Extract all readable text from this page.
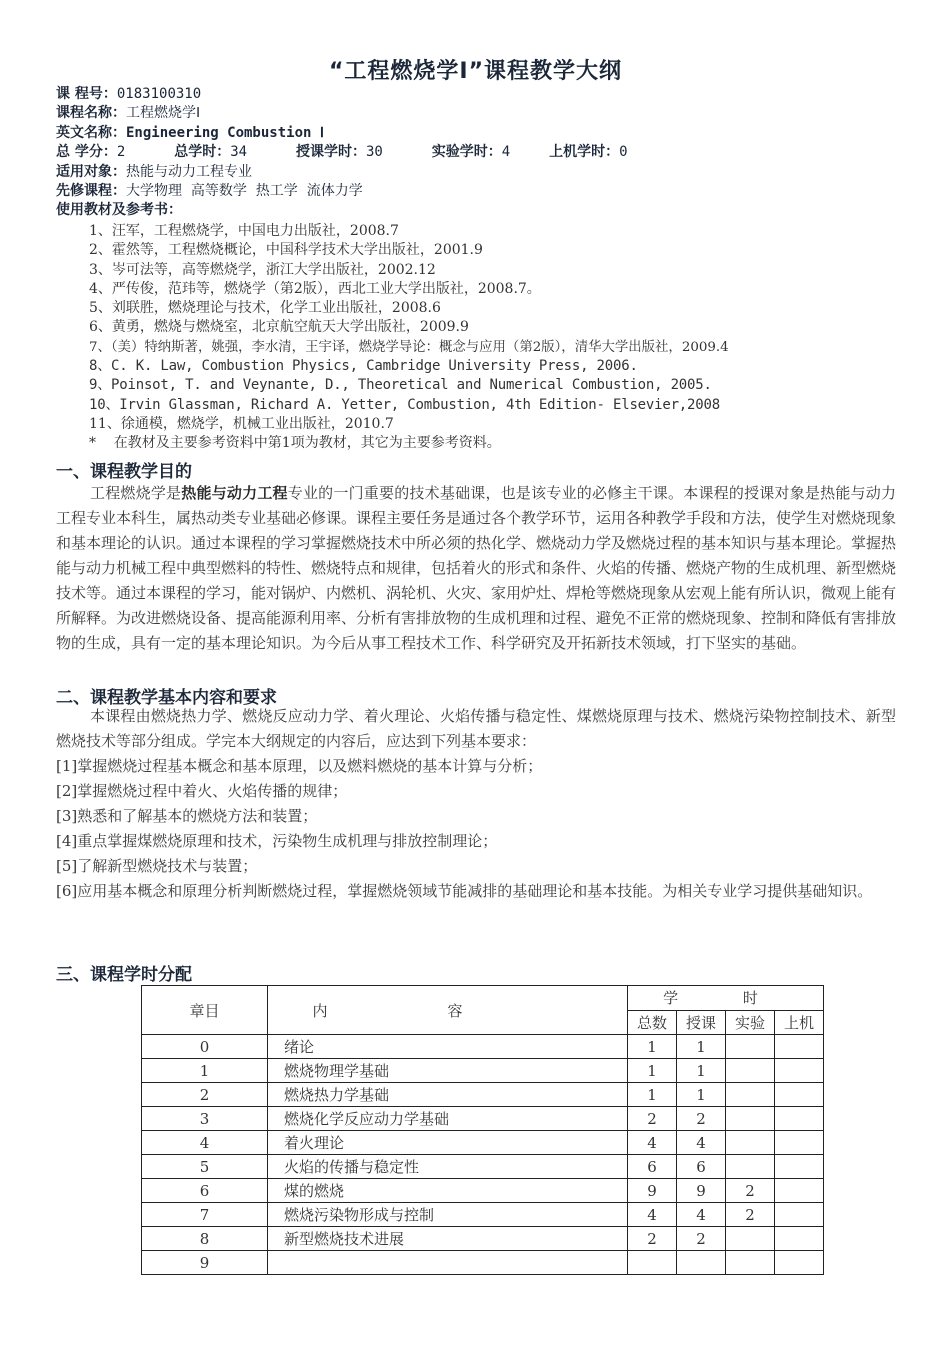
“工程燃烧学Ⅰ”课程教学大纲
课 程号：0183100310
课程名称：工程燃烧学Ⅰ
英文名称：Engineering Combustion Ⅰ
总 学分：2	总学时：34	授课学时：30	实验学时：4	上机学时：0
适用对象：热能与动力工程专业
先修课程：大学物理  高等数学  热工学  流体力学
使用教材及参考书：
1、汪军，工程燃烧学，中国电力出版社，2008.7
2、霍然等，工程燃烧概论，中国科学技术大学出版社，2001.9
3、岑可法等，高等燃烧学，浙江大学出版社，2002.12
4、严传俊，范玮等，燃烧学（第2版），西北工业大学出版社，2008.7。
5、刘联胜，燃烧理论与技术，化学工业出版社，2008.6
6、黄勇，燃烧与燃烧室，北京航空航天大学出版社，2009.9
7、（美）特纳斯著，姚强，李水清，王宇译，燃烧学导论：概念与应用（第2版），清华大学出版社，2009.4
8、C. K. Law, Combustion Physics, Cambridge University Press, 2006.
9、Poinsot, T. and Veynante, D., Theoretical and Numerical Combustion, 2005.
10、Irvin Glassman, Richard A. Yetter, Combustion, 4th Edition- Elsevier,2008
11、徐通模，燃烧学，机械工业出版社，2010.7
*    在教材及主要参考资料中第1项为教材，其它为主要参考资料。
一、课程教学目的
工程燃烧学是热能与动力工程专业的一门重要的技术基础课，也是该专业的必修主干课。本课程的授课对象是热能与动力工程专业本科生，属热动类专业基础必修课。课程主要任务是通过各个教学环节，运用各种教学手段和方法，使学生对燃烧现象和基本理论的认识。通过本课程的学习掌握燃烧技术中所必须的热化学、燃烧动力学及燃烧过程的基本知识与基本理论。掌握热能与动力机械工程中典型燃料的特性、燃烧特点和规律，包括着火的形式和条件、火焰的传播、燃烧产物的生成机理、新型燃烧技术等。通过本课程的学习，能对锅炉、内燃机、涡轮机、火灾、家用炉灶、焊枪等燃烧现象从宏观上能有所认识，微观上能有所解释。为改进燃烧设备、提高能源利用率、分析有害排放物的生成机理和过程、避免不正常的燃烧现象、控制和降低有害排放物的生成，具有一定的基本理论知识。为今后从事工程技术工作、科学研究及开拓新技术领域，打下坚实的基础。
二、课程教学基本内容和要求
本课程由燃烧热力学、燃烧反应动力学、着火理论、火焰传播与稳定性、煤燃烧原理与技术、燃烧污染物控制技术、新型燃烧技术等部分组成。学完本大纲规定的内容后，应达到下列基本要求：

[1]掌握燃烧过程基本概念和基本原理，以及燃料燃烧的基本计算与分析；

[2]掌握燃烧过程中着火、火焰传播的规律；

[3]熟悉和了解基本的燃烧方法和装置；

[4]重点掌握煤燃烧原理和技术，污染物生成机理与排放控制理论；

[5]了解新型燃烧技术与装置；

[6]应用基本概念和原理分析判断燃烧过程，掌握燃烧领域节能减排的基础理论和基本技能。为相关专业学习提供基础知识。

三、课程学时分配
章目	内容	学 时			
		总数	授课	实验	上机
0	绪论	1	1		
1	燃烧物理学基础	1	1		
2	燃烧热力学基础	1	1		
3	燃烧化学反应动力学基础	2	2		
4	着火理论	4	4		
5	火焰的传播与稳定性	6	6		
6	煤的燃烧	9	9	2	
7	燃烧污染物形成与控制	4	4	2	
8	新型燃烧技术进展	2	2		
9					
